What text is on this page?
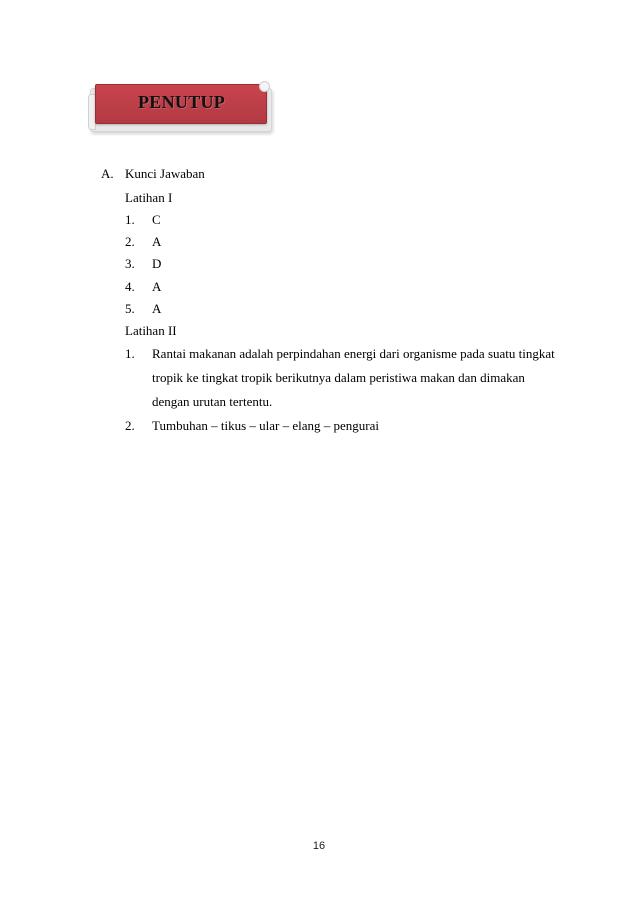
PENUTUP
A. Kunci Jawaban
Latihan I
1. C
2. A
3. D
4. A
5. A
Latihan II
1. Rantai makanan adalah perpindahan energi dari organisme pada suatu tingkat
tropik ke tingkat tropik berikutnya dalam peristiwa makan dan dimakan
dengan urutan tertentu.
2. Tumbuhan – tikus – ular – elang – pengurai
16
